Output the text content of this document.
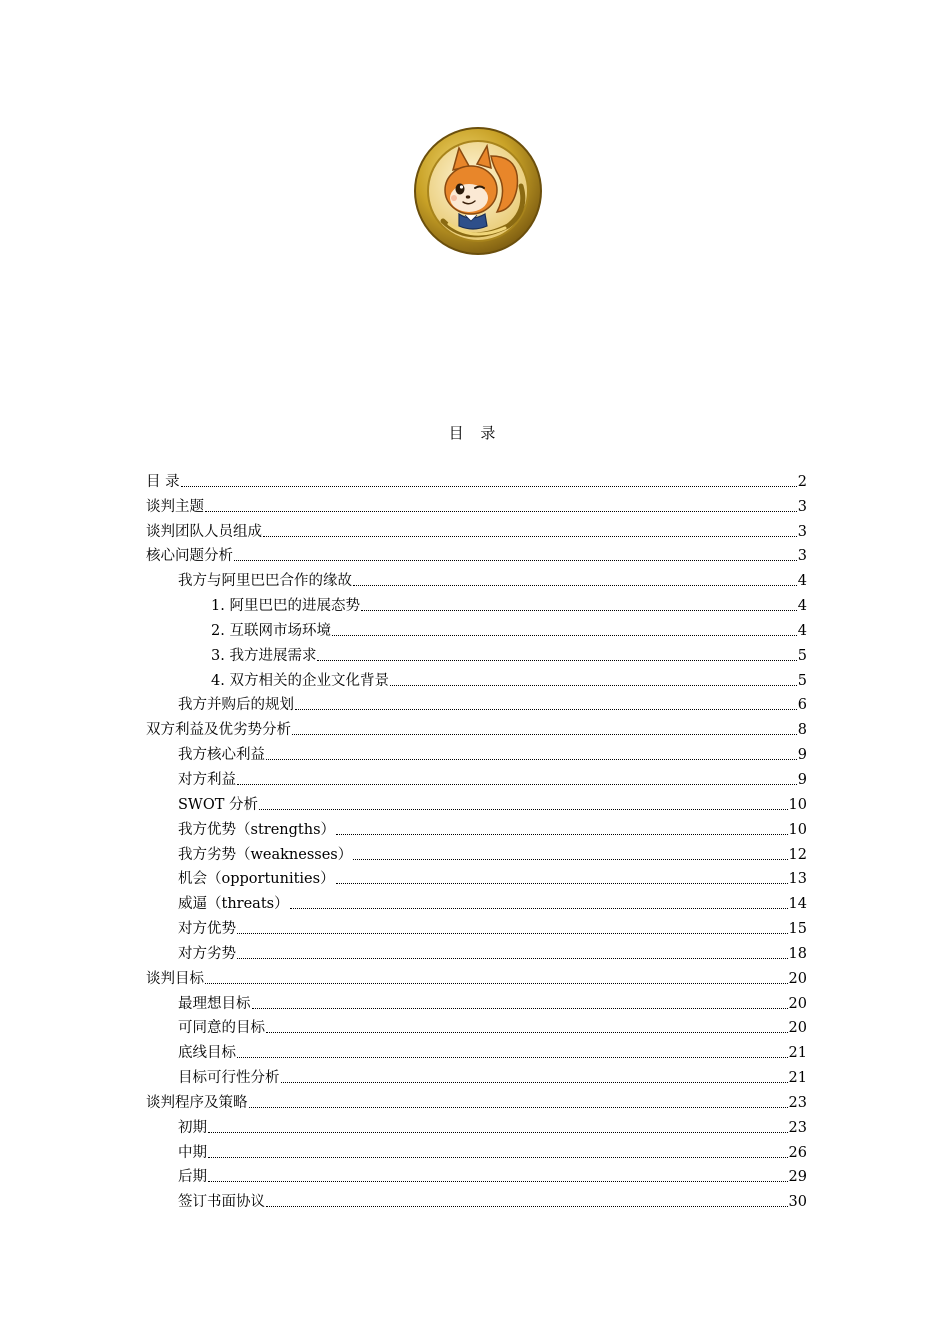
目 录
目 录	2
谈判主题	3
谈判团队人员组成	3
核心问题分析	3
我方与阿里巴巴合作的缘故	4
1. 阿里巴巴的进展态势	4
2. 互联网市场环境	4
3. 我方进展需求	5
4. 双方相关的企业文化背景	5
我方并购后的规划	6
双方利益及优劣势分析	8
我方核心利益	9
对方利益	9
SWOT 分析	10
我方优势（strengths）	10
我方劣势（weaknesses）	12
机会（opportunities）	13
威逼（threats）	14
对方优势	15
对方劣势	18
谈判目标	20
最理想目标	20
可同意的目标	20
底线目标	21
目标可行性分析	21
谈判程序及策略	23
初期	23
中期	26
后期	29
签订书面协议	30
